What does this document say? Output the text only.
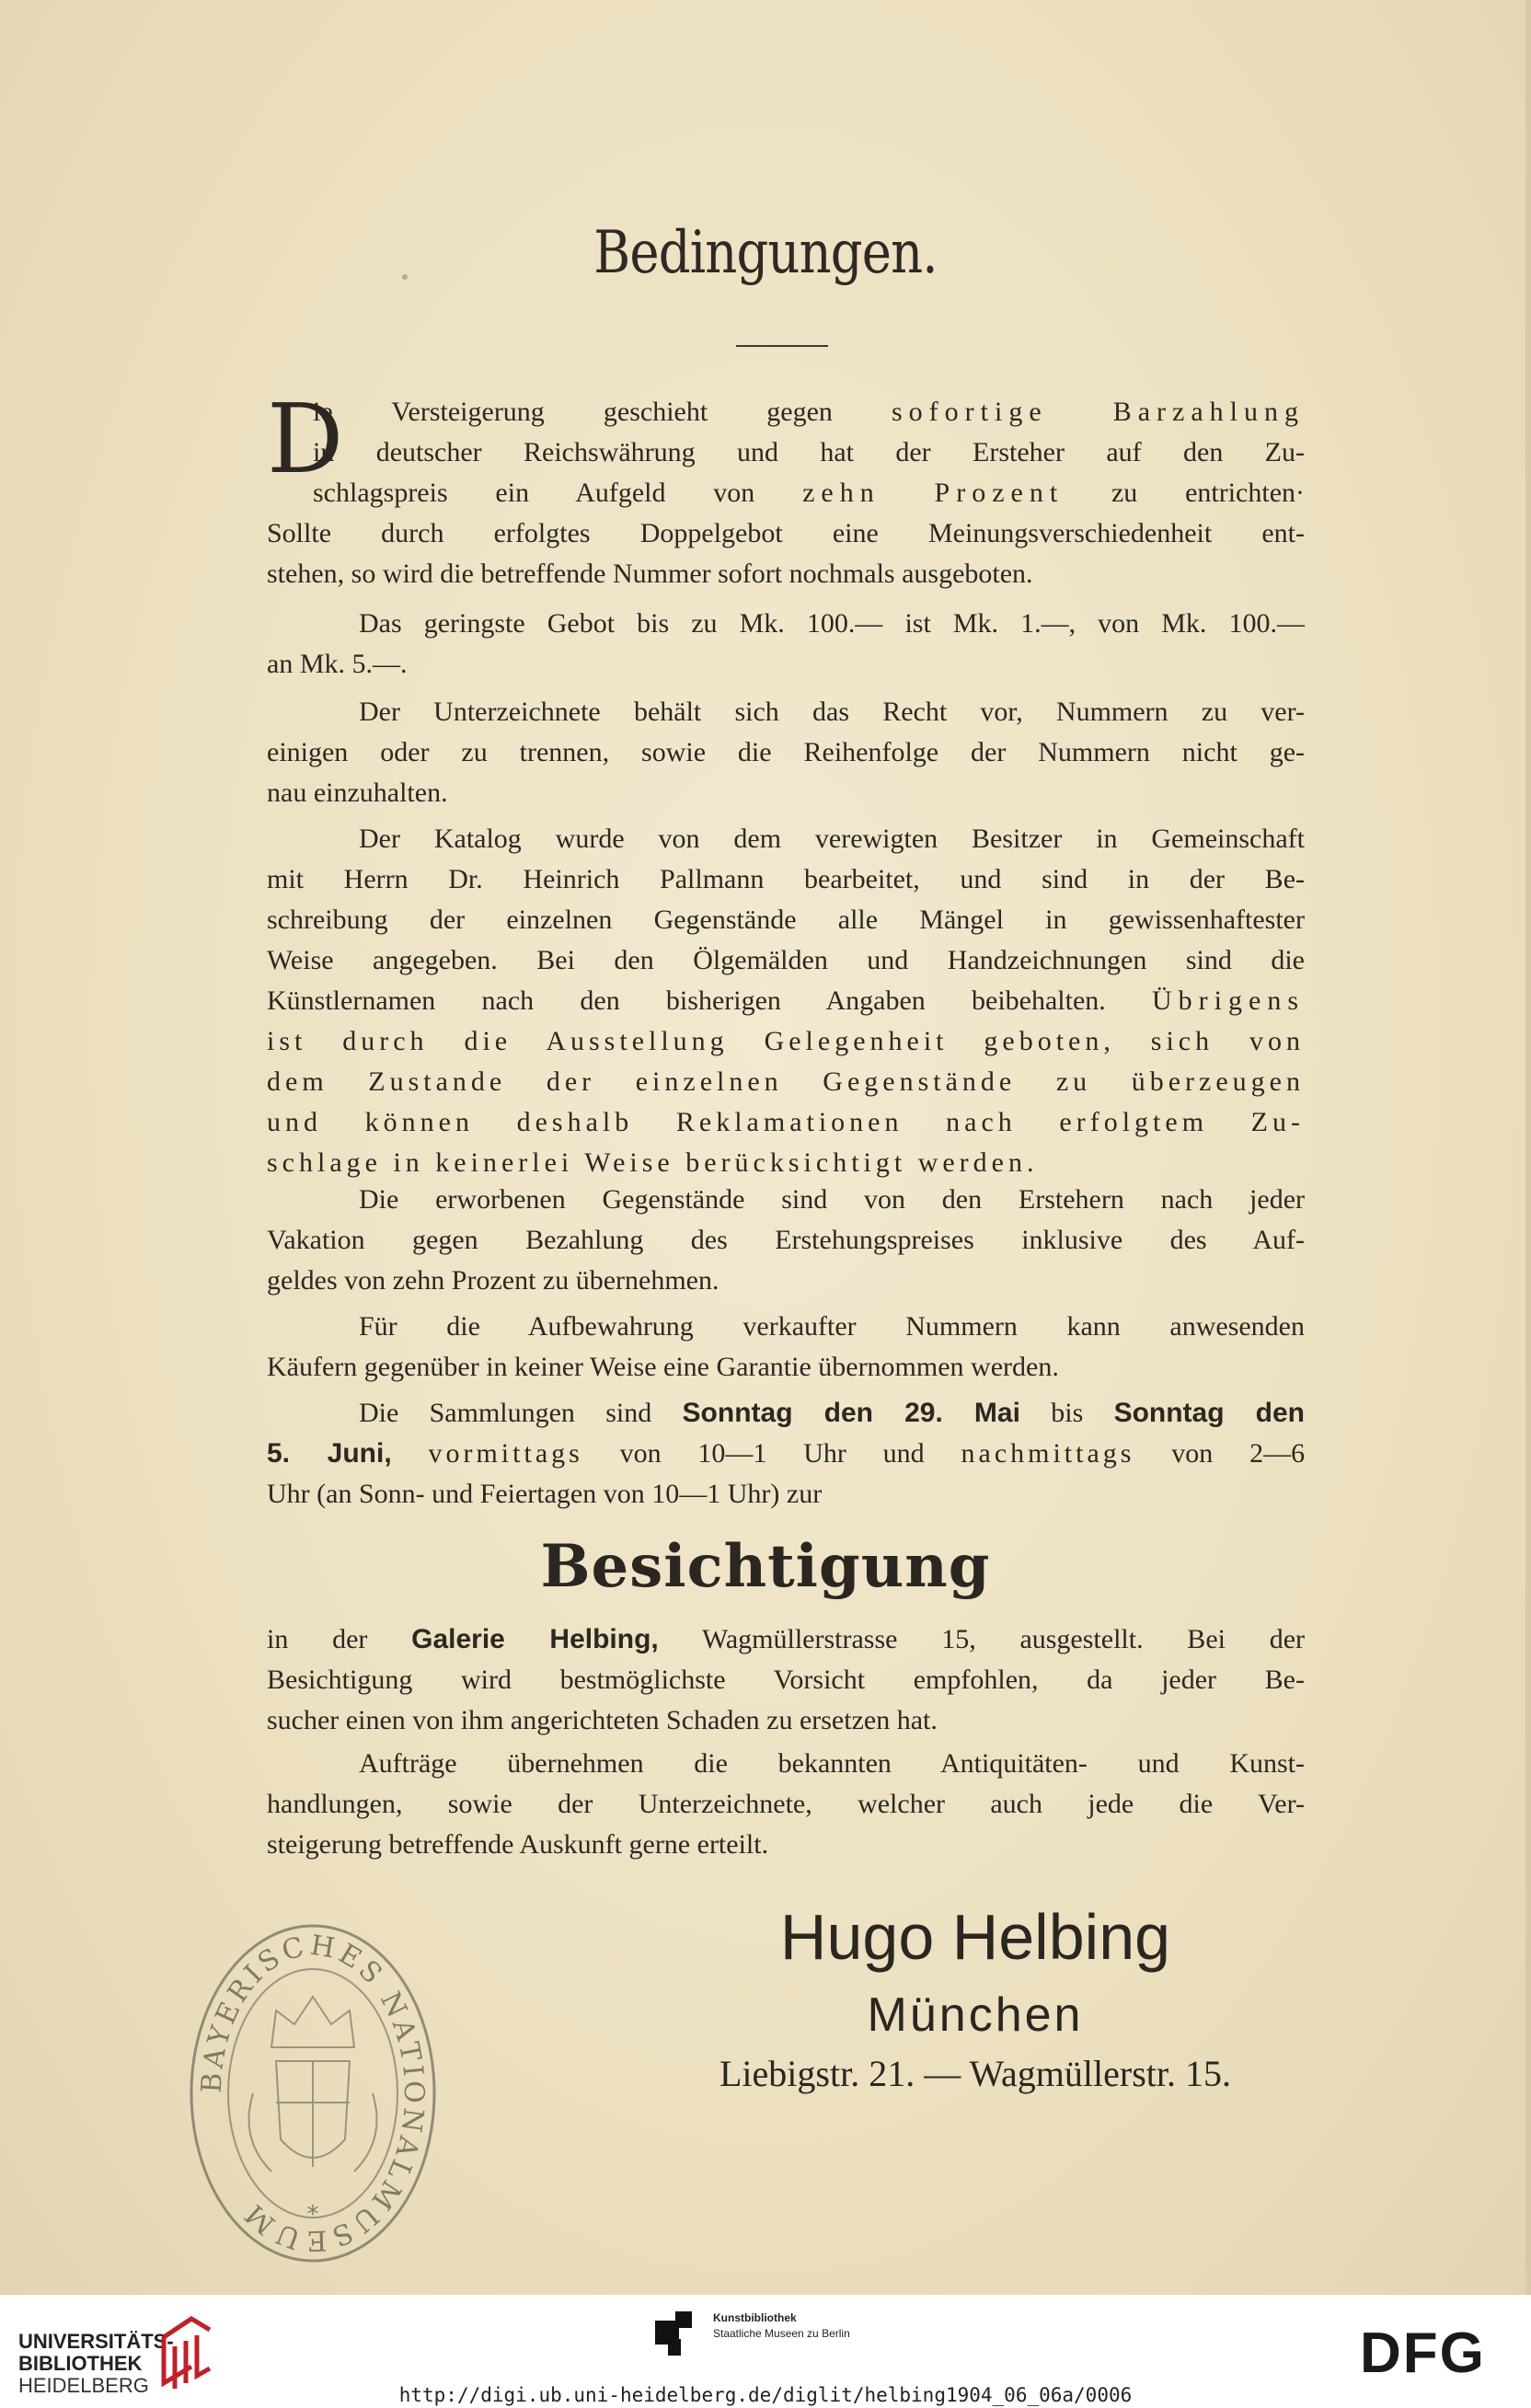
Bedingungen.
D
ie Versteigerung geschieht gegen sofortige Barzahlung
in deutscher Reichswährung und hat der Ersteher auf den Zu-
schlagspreis ein Aufgeld von zehn Prozent zu entrichten·
Sollte durch erfolgtes Doppelgebot eine Meinungsverschiedenheit ent-
stehen, so wird die betreffende Nummer sofort nochmals ausgeboten.
Das geringste Gebot bis zu Mk. 100.— ist Mk. 1.—, von Mk. 100.—
an Mk. 5.—.
Der Unterzeichnete behält sich das Recht vor, Nummern zu ver-
einigen oder zu trennen, sowie die Reihenfolge der Nummern nicht ge-
nau einzuhalten.
Der Katalog wurde von dem verewigten Besitzer in Gemeinschaft
mit Herrn Dr. Heinrich Pallmann bearbeitet, und sind in der Be-
schreibung der einzelnen Gegenstände alle Mängel in gewissenhaftester
Weise angegeben. Bei den Ölgemälden und Handzeichnungen sind die
Künstlernamen nach den bisherigen Angaben beibehalten. Übrigens
ist durch die Ausstellung Gelegenheit geboten, sich von
dem Zustande der einzelnen Gegenstände zu überzeugen
und können deshalb Reklamationen nach erfolgtem Zu-
schlage in keinerlei Weise berücksichtigt werden.
Die erworbenen Gegenstände sind von den Erstehern nach jeder
Vakation gegen Bezahlung des Erstehungspreises inklusive des Auf-
geldes von zehn Prozent zu übernehmen.
Für die Aufbewahrung verkaufter Nummern kann anwesenden
Käufern gegenüber in keiner Weise eine Garantie übernommen werden.
Die Sammlungen sind Sonntag den 29. Mai bis Sonntag den
5. Juni, vormittags von 10—1 Uhr und nachmittags von 2—6
Uhr (an Sonn- und Feiertagen von 10—1 Uhr) zur
Besichtigung
in der Galerie Helbing, Wagmüllerstrasse 15, ausgestellt. Bei der
Besichtigung wird bestmöglichste Vorsicht empfohlen, da jeder Be-
sucher einen von ihm angerichteten Schaden zu ersetzen hat.
Aufträge übernehmen die bekannten Antiquitäten- und Kunst-
handlungen, sowie der Unterzeichnete, welcher auch jede die Ver-
steigerung betreffende Auskunft gerne erteilt.
BAYERISCHES NATIONALMUSEUM	*
Hugo Helbing
München
Liebigstr. 21. — Wagmüllerstr. 15.
UNIVERSITÄTS-
BIBLIOTHEK
HEIDELBERG
Kunstbibliothek
Staatliche Museen zu Berlin	DFG
http://digi.ub.uni-heidelberg.de/diglit/helbing1904_06_06a/0006
